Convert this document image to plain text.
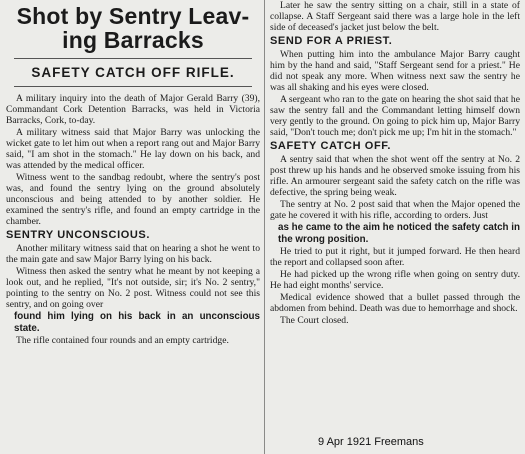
Shot by Sentry Leav-
ing Barracks
SAFETY CATCH OFF RIFLE.

A military inquiry into the death of Major Gerald Barry (39), Commandant Cork Detention Barracks, was held in Victoria Barracks, Cork, to-day.

A military witness said that Major Barry was unlocking the wicket gate to let him out when a report rang out and Major Barry said, "I am shot in the stomach." He lay down on his back, and was attended by the medical officer.

Witness went to the sandbag redoubt, where the sentry's post was, and found the sentry lying on the ground absolutely unconscious and being attended to by another soldier. He examined the sentry's rifle, and found an empty cartridge in the chamber.

SENTRY UNCONSCIOUS.

Another military witness said that on hearing a shot he went to the main gate and saw Major Barry lying on his back.

Witness then asked the sentry what he meant by not keeping a look out, and he replied, "It's not outside, sir; it's No. 2 sentry," pointing to the sentry on No. 2 post. Witness could not see this sentry, and on going over

found him lying on his back in an unconscious state.

The rifle contained four rounds and an empty cartridge.

Later he saw the sentry sitting on a chair, still in a state of collapse. A Staff Sergeant said there was a large hole in the left side of deceased's jacket just below the belt.

SEND FOR A PRIEST.

When putting him into the ambulance Major Barry caught him by the hand and said, "Staff Sergeant send for a priest." He did not speak any more. When witness next saw the sentry he was all shaking and his eyes were closed.

A sergeant who ran to the gate on hearing the shot said that he saw the sentry fall and the Commandant letting himself down very gently to the ground. On going to pick him up, Major Barry said, "Don't touch me; don't pick me up; I'm hit in the stomach."

SAFETY CATCH OFF.

A sentry said that when the shot went off the sentry at No. 2 post threw up his hands and he observed smoke issuing from his rifle. An armourer sergeant said the safety catch on the rifle was defective, the spring being weak.

The sentry at No. 2 post said that when the Major opened the gate he covered it with his rifle, according to orders. Just

as he came to the aim he noticed the safety catch in the wrong position.

He tried to put it right, but it jumped forward. He then heard the report and collapsed soon after.

He had picked up the wrong rifle when going on sentry duty. He had eight months' service.

Medical evidence showed that a bullet passed through the abdomen from behind. Death was due to hemorrhage and shock.

The Court closed.

9 Apr 1921 Freemans
